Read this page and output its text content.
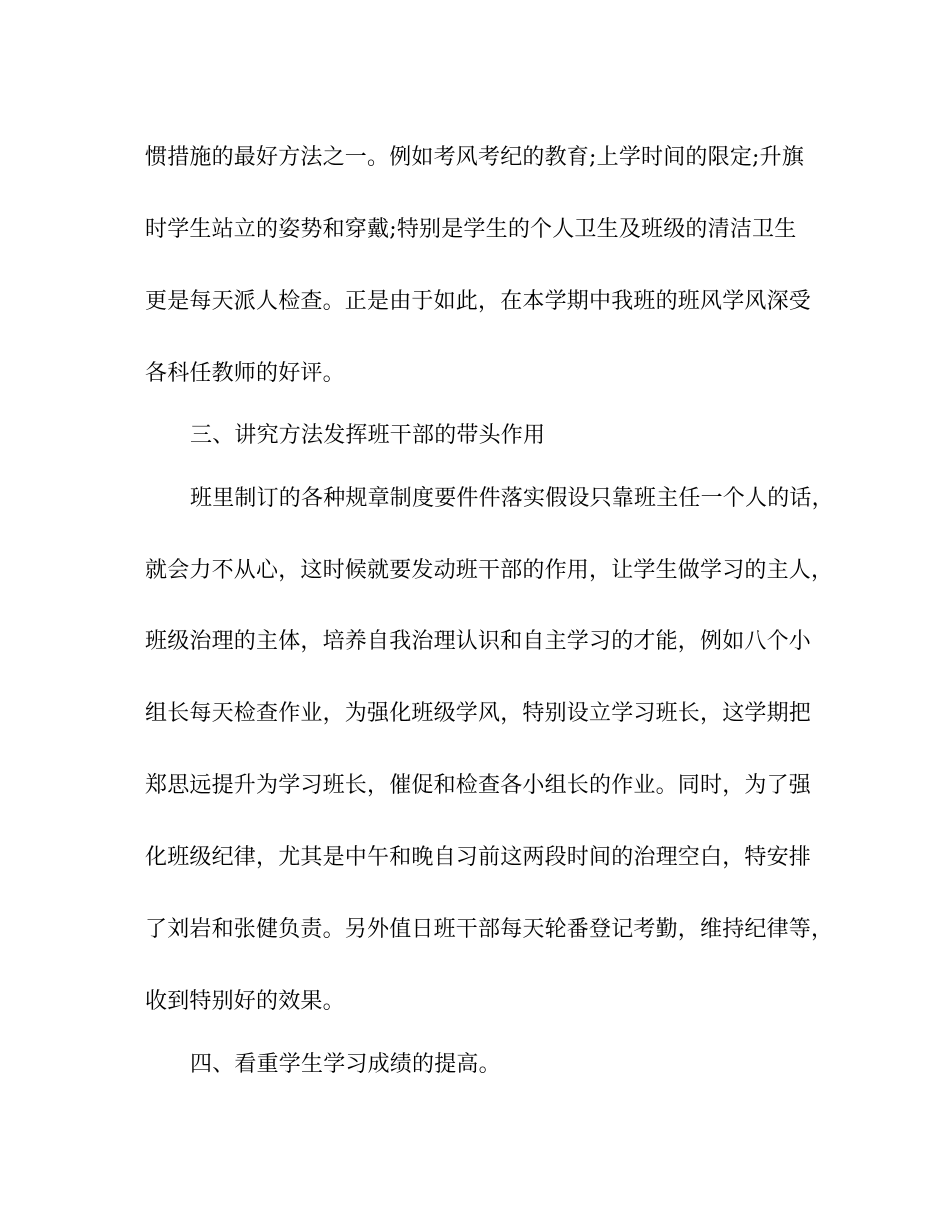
惯措施的最好方法之一。例如考风考纪的教育;上学时间的限定;升旗
时学生站立的姿势和穿戴;特别是学生的个人卫生及班级的清洁卫生
更是每天派人检查。正是由于如此，在本学期中我班的班风学风深受
各科任教师的好评。
三、讲究方法发挥班干部的带头作用
班里制订的各种规章制度要件件落实假设只靠班主任一个人的话，
就会力不从心，这时候就要发动班干部的作用，让学生做学习的主人，
班级治理的主体，培养自我治理认识和自主学习的才能，例如八个小
组长每天检查作业，为强化班级学风，特别设立学习班长，这学期把
郑思远提升为学习班长，催促和检查各小组长的作业。同时，为了强
化班级纪律，尤其是中午和晚自习前这两段时间的治理空白，特安排
了刘岩和张健负责。另外值日班干部每天轮番登记考勤，维持纪律等，
收到特别好的效果。
四、看重学生学习成绩的提高。
